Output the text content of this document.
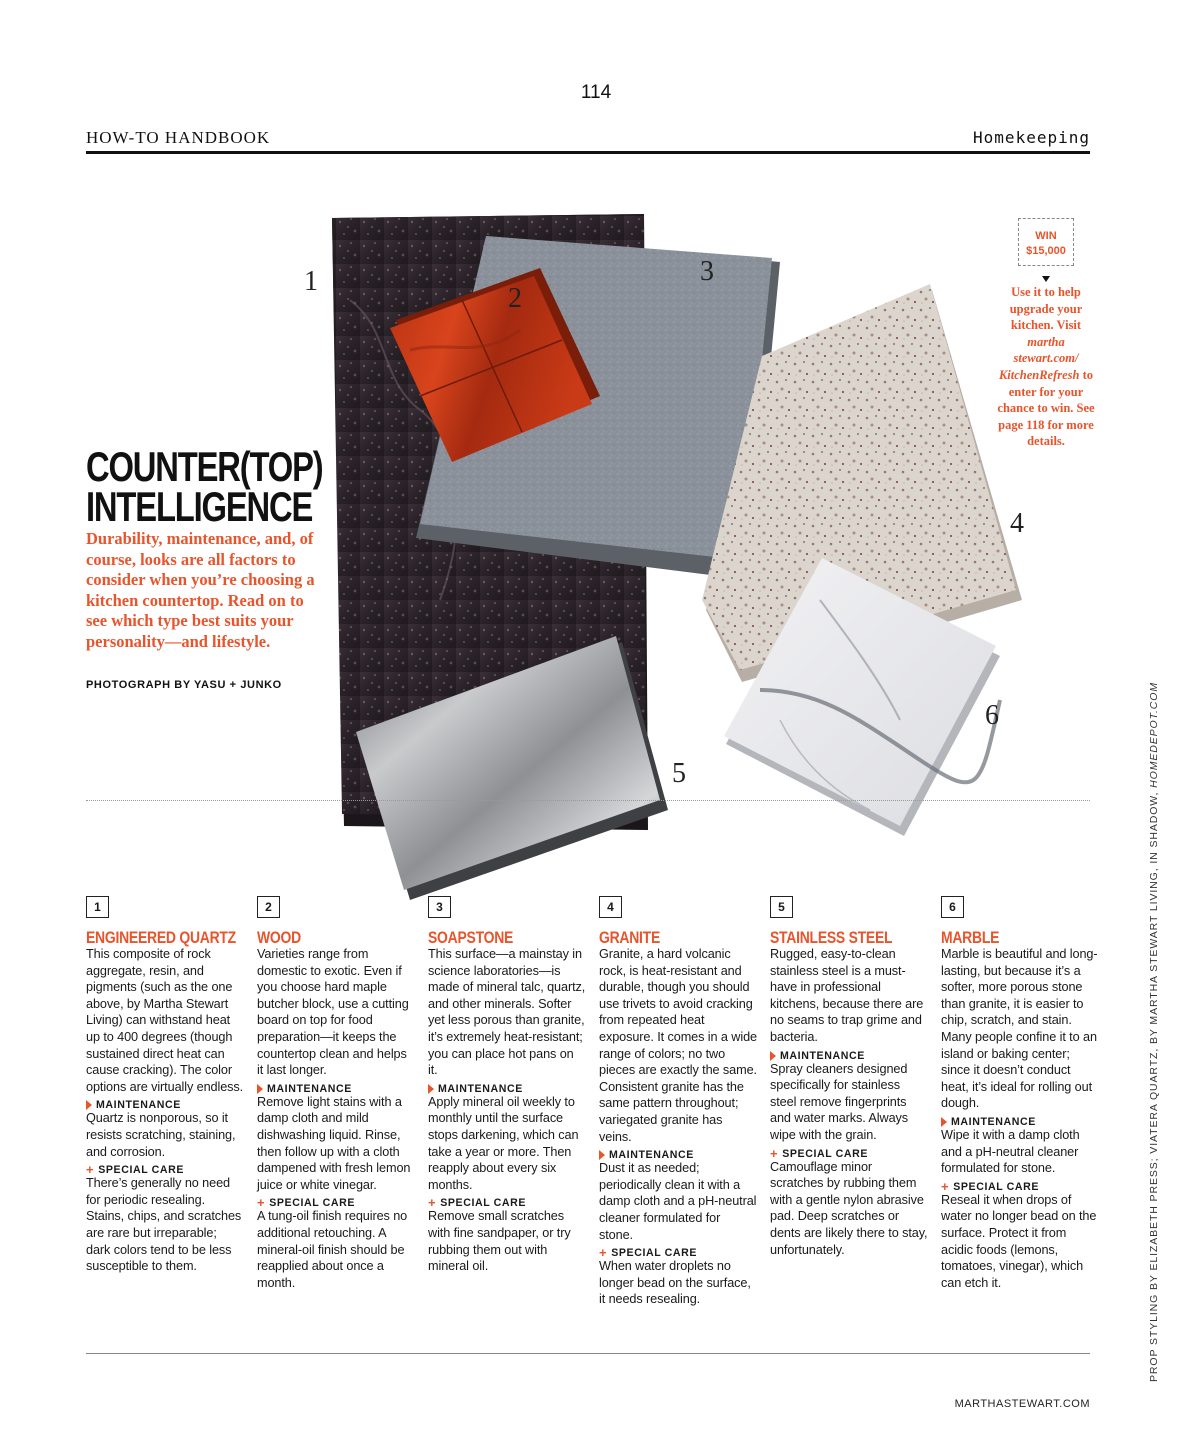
114
HOW-TO HANDBOOK	Homekeeping
1
2
3
4
5
6
COUNTER(TOP)
INTELLIGENCE
Durability, maintenance, and, of course, looks are all factors to consider when you’re choosing a kitchen countertop. Read on to see which type best suits your personality—and lifestyle.
PHOTOGRAPH BY YASU + JUNKO
WIN
$15,000
Use it to help upgrade your kitchen. Visit martha stewart.com/ KitchenRefresh to enter for your chance to win. See page 118 for more details.
PROP STYLING BY ELIZABETH PRESS; VIATERA QUARTZ, BY MARTHA STEWART LIVING, IN SHADOW, HOMEDEPOT.COM
1
ENGINEERED QUARTZ
This composite of rock aggregate, resin, and pigments (such as the one above, by Martha Stewart Living) can withstand heat up to 400 degrees (though sustained direct heat can cause cracking). The color options are virtually endless.
MAINTENANCE
Quartz is nonporous, so it resists scratching, staining, and corrosion.
+ SPECIAL CARE
There’s generally no need for periodic resealing. Stains, chips, and scratches are rare but irreparable; dark colors tend to be less susceptible to them.
2
WOOD
Varieties range from domestic to exotic. Even if you choose hard maple butcher block, use a cutting board on top for food preparation—it keeps the countertop clean and helps it last longer.
MAINTENANCE
Remove light stains with a damp cloth and mild dishwashing liquid. Rinse, then follow up with a cloth dampened with fresh lemon juice or white vinegar.
+ SPECIAL CARE
A tung-oil finish requires no additional retouching. A mineral-oil finish should be reapplied about once a month.
3
SOAPSTONE
This surface—a mainstay in science laboratories—is made of mineral talc, quartz, and other minerals. Softer yet less porous than granite, it’s extremely heat-resistant; you can place hot pans on it.
MAINTENANCE
Apply mineral oil weekly to monthly until the surface stops darkening, which can take a year or more. Then reapply about every six months.
+ SPECIAL CARE
Remove small scratches with fine sandpaper, or try rubbing them out with mineral oil.
4
GRANITE
Granite, a hard volcanic rock, is heat-resistant and durable, though you should use trivets to avoid cracking from repeated heat exposure. It comes in a wide range of colors; no two pieces are exactly the same. Consistent granite has the same pattern throughout; variegated granite has veins.
MAINTENANCE
Dust it as needed; periodically clean it with a damp cloth and a pH-neutral cleaner formulated for stone.
+ SPECIAL CARE
When water droplets no longer bead on the surface, it needs resealing.
5
STAINLESS STEEL
Rugged, easy-to-clean stainless steel is a must-have in professional kitchens, because there are no seams to trap grime and bacteria.
MAINTENANCE
Spray cleaners designed specifically for stainless steel remove fingerprints and water marks. Always wipe with the grain.
+ SPECIAL CARE
Camouflage minor scratches by rubbing them with a gentle nylon abrasive pad. Deep scratches or dents are likely there to stay, unfortunately.
6
MARBLE
Marble is beautiful and long-lasting, but because it’s a softer, more porous stone than granite, it is easier to chip, scratch, and stain. Many people confine it to an island or baking center; since it doesn’t conduct heat, it’s ideal for rolling out dough.
MAINTENANCE
Wipe it with a damp cloth and a pH-neutral cleaner formulated for stone.
+ SPECIAL CARE
Reseal it when drops of water no longer bead on the surface. Protect it from acidic foods (lemons, tomatoes, vinegar), which can etch it.
MARTHASTEWART.COM
